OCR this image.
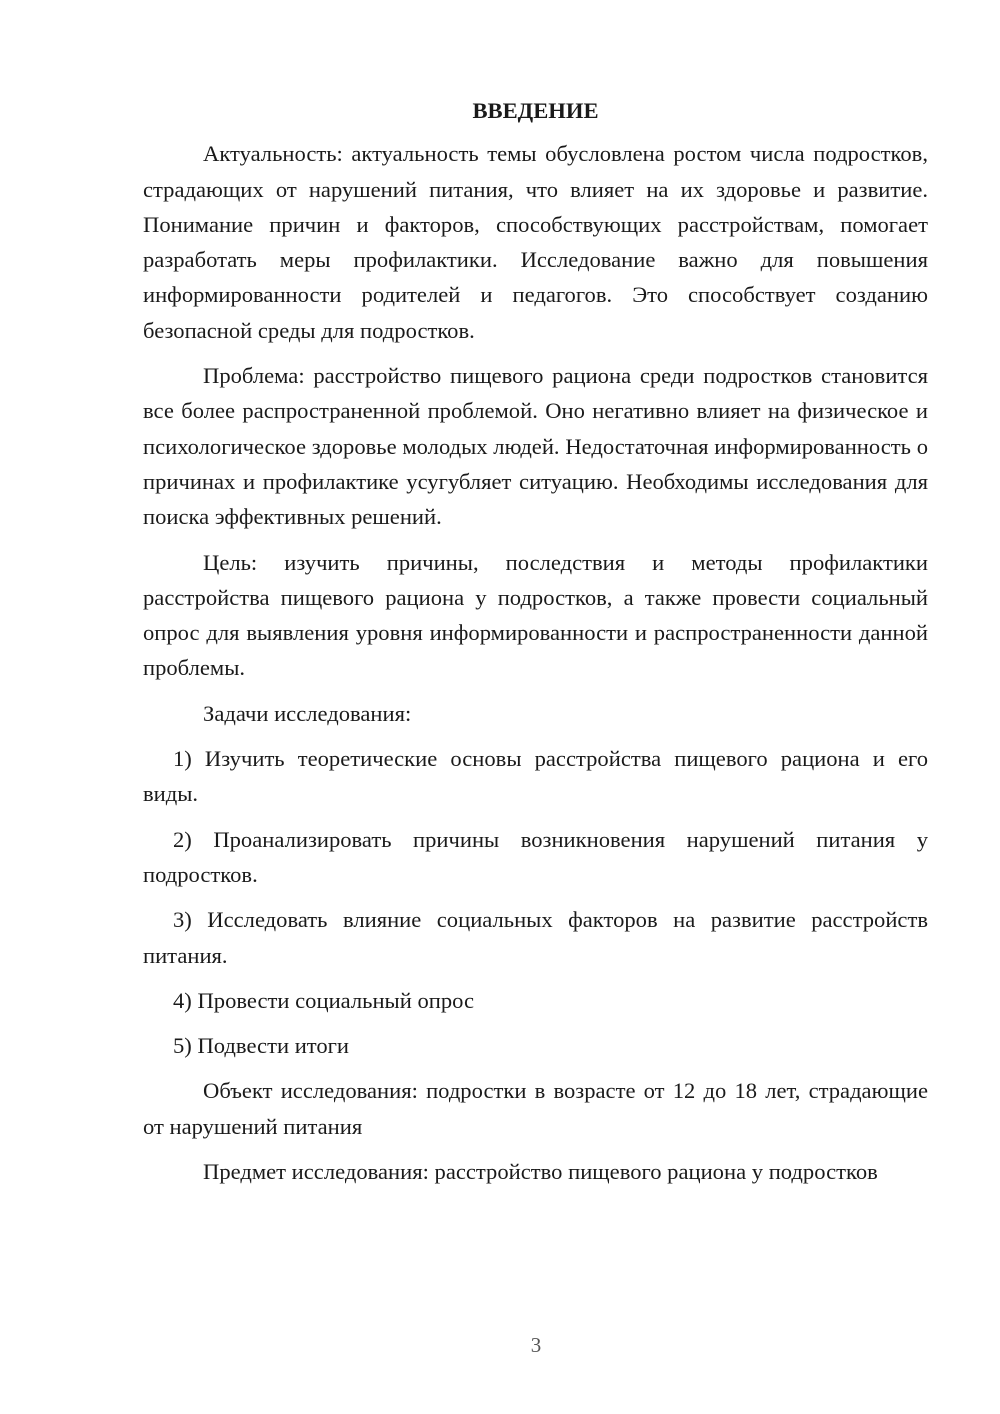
ВВЕДЕНИЕ

Актуальность: актуальность темы обусловлена ростом числа подростков, страдающих от нарушений питания, что влияет на их здоровье и развитие. Понимание причин и факторов, способствующих расстройствам, помогает разработать меры профилактики. Исследование важно для повышения информированности родителей и педагогов. Это способствует созданию безопасной среды для подростков.

Проблема: расстройство пищевого рациона среди подростков становится все более распространенной проблемой. Оно негативно влияет на физическое и психологическое здоровье молодых людей. Недостаточная информированность о причинах и профилактике усугубляет ситуацию. Необходимы исследования для поиска эффективных решений.

Цель: изучить причины, последствия и методы профилактики расстройства пищевого рациона у подростков, а также провести социальный опрос для выявления уровня информированности и распространенности данной проблемы.

Задачи исследования:

1) Изучить теоретические основы расстройства пищевого рациона и его виды.

2) Проанализировать причины возникновения нарушений питания у подростков.

3) Исследовать влияние социальных факторов на развитие расстройств питания.

4) Провести социальный опрос

5) Подвести итоги

Объект исследования: подростки в возрасте от 12 до 18 лет, страдающие от нарушений питания

Предмет исследования: расстройство пищевого рациона у подростков

3
